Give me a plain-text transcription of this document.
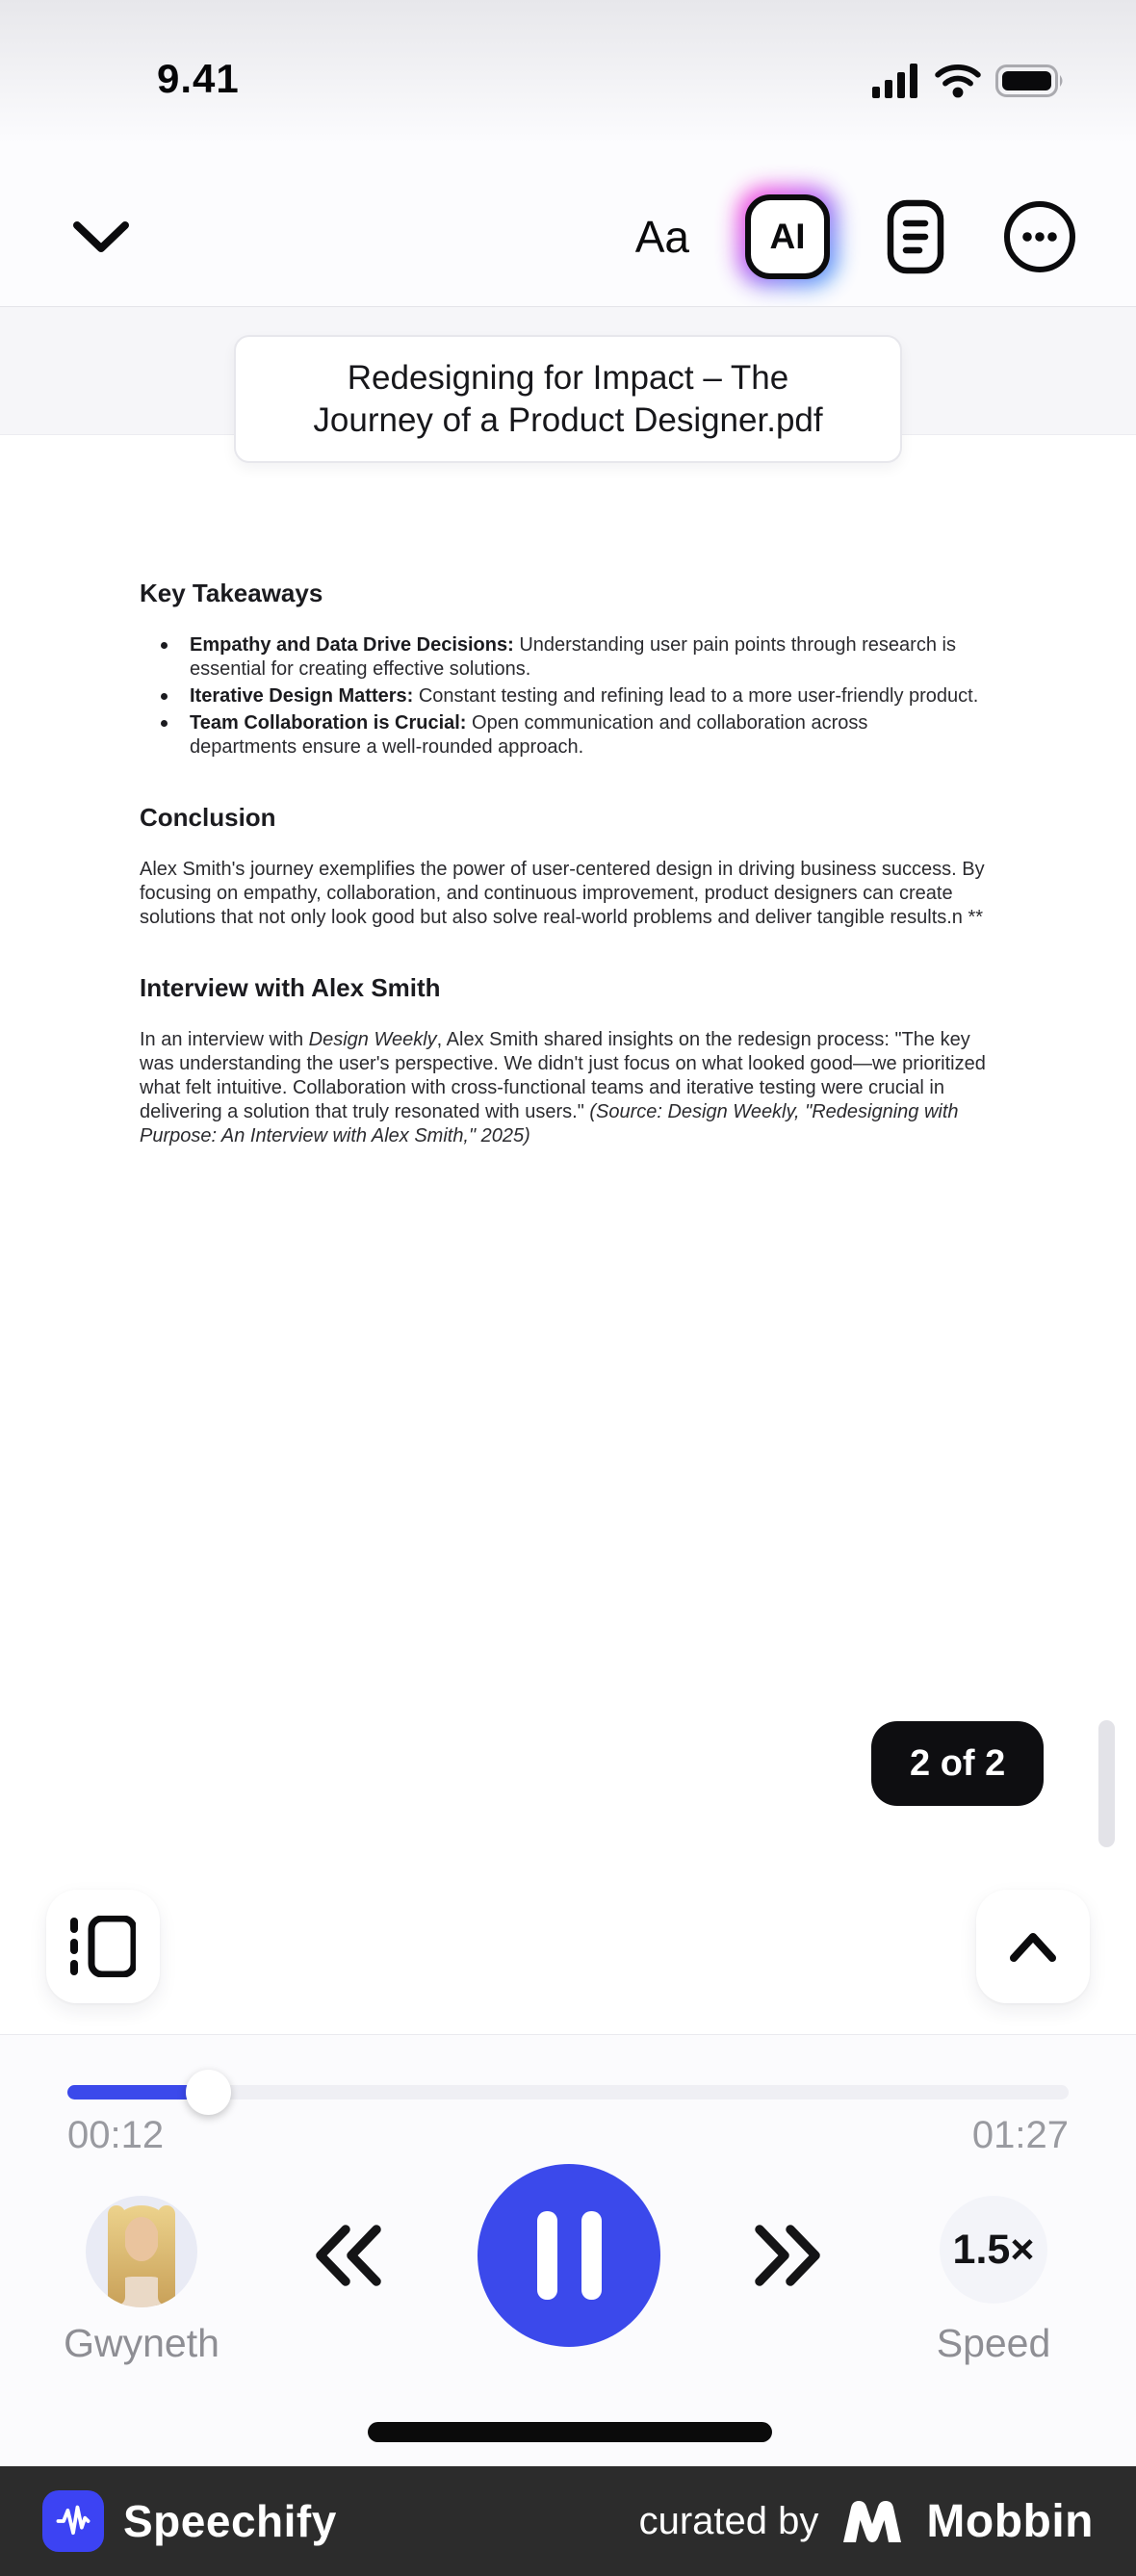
9.41
Aa	AI
Key Takeaways
Empathy and Data Drive Decisions: Understanding user pain points through research is essential for creating effective solutions.
Iterative Design Matters: Constant testing and refining lead to a more user-friendly product.
Team Collaboration is Crucial: Open communication and collaboration across departments ensure a well-rounded approach.
Conclusion
Alex Smith's journey exemplifies the power of user-centered design in driving business success. By focusing on empathy, collaboration, and continuous improvement, product designers can create solutions that not only look good but also solve real-world problems and deliver tangible results.n **
Interview with Alex Smith
In an interview with Design Weekly, Alex Smith shared insights on the redesign process: "The key was understanding the user's perspective. We didn't just focus on what looked good—we prioritized what felt intuitive. Collaboration with cross-functional teams and iterative testing were crucial in delivering a solution that truly resonated with users." (Source: Design Weekly, "Redesigning with Purpose: An Interview with Alex Smith," 2025)
Redesigning for Impact – The
Journey of a Product Designer.pdf
2 of 2
00:12	01:27
Gwyneth
1.5×
Speed
Speechify	curated by Mobbin
